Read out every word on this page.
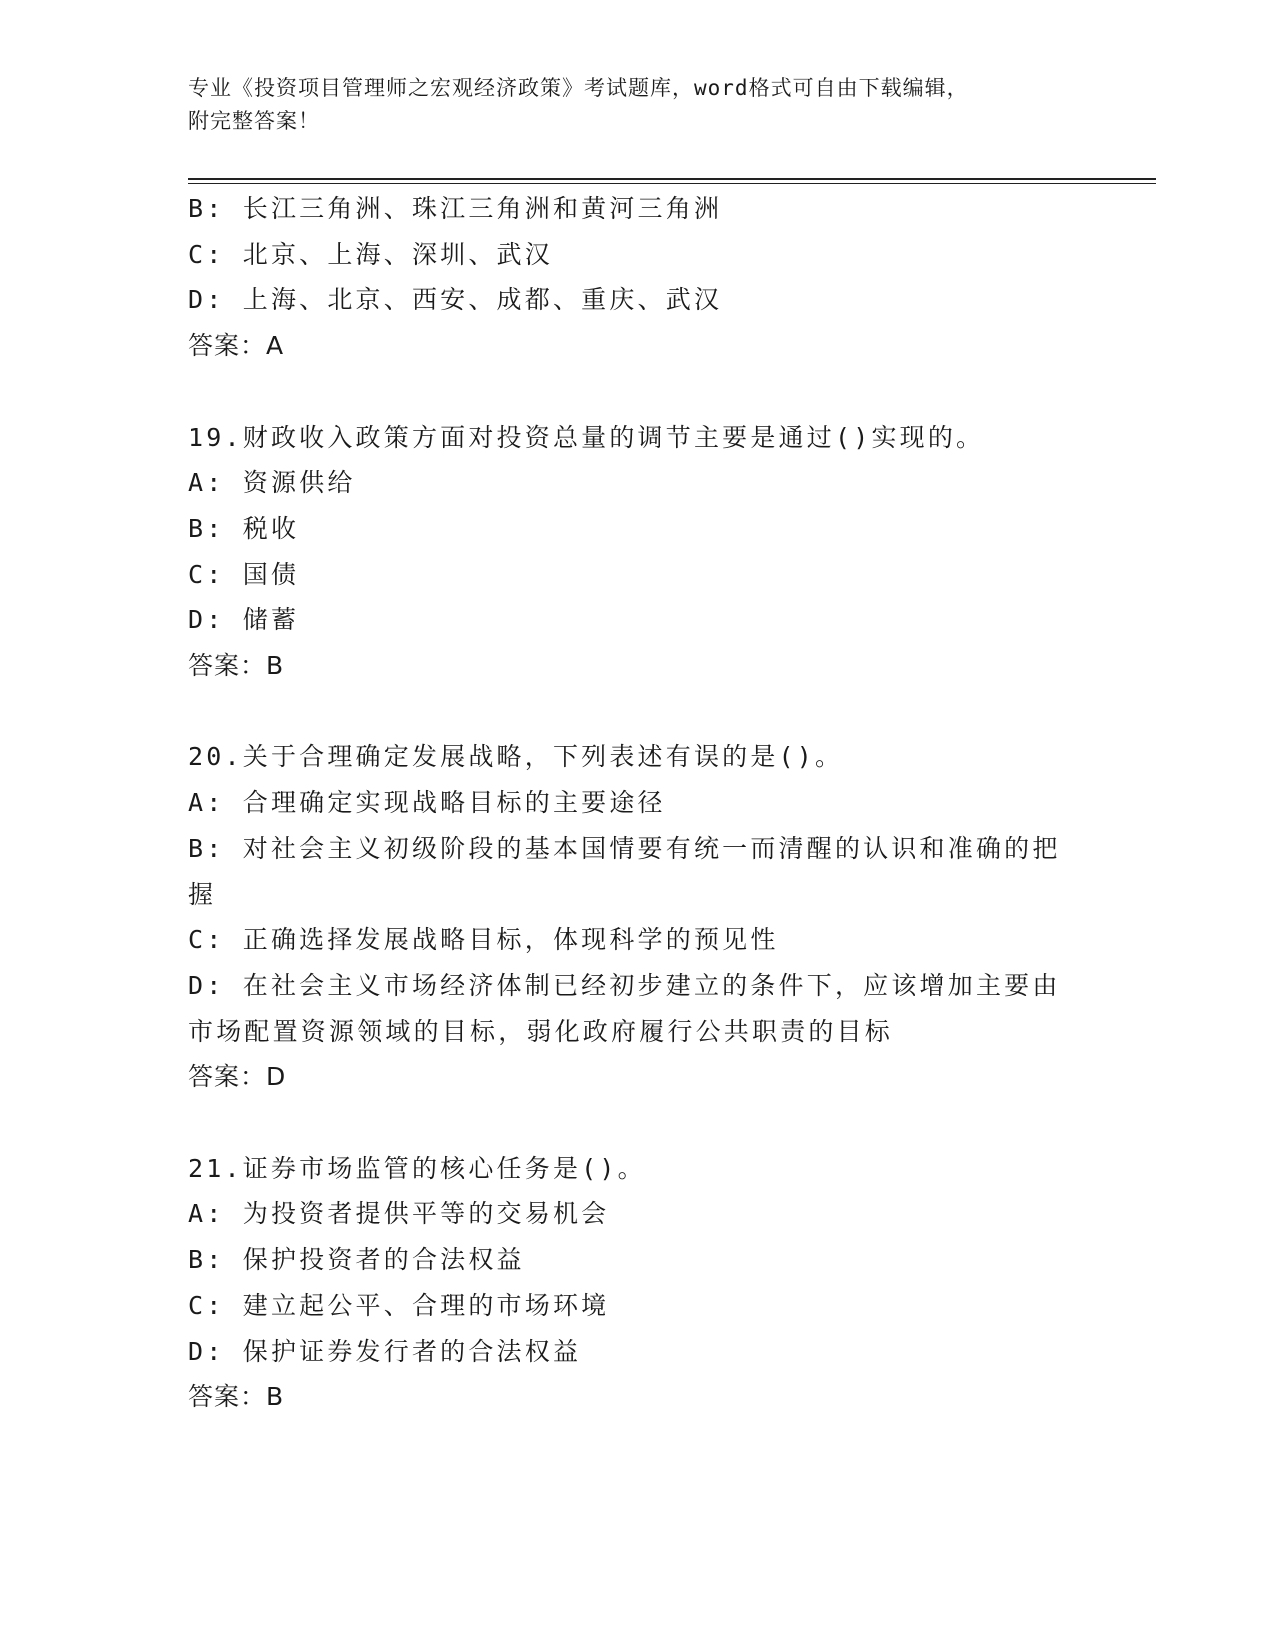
专业《投资项目管理师之宏观经济政策》考试题库，word格式可自由下载编辑，
附完整答案！
B: 长江三角洲、珠江三角洲和黄河三角洲
C: 北京、上海、深圳、武汉
D: 上海、北京、西安、成都、重庆、武汉
答案：A
19.财政收入政策方面对投资总量的调节主要是通过()实现的。
A: 资源供给
B: 税收
C: 国债
D: 储蓄
答案：B
20.关于合理确定发展战略，下列表述有误的是()。
A: 合理确定实现战略目标的主要途径
B: 对社会主义初级阶段的基本国情要有统一而清醒的认识和准确的把
握
C: 正确选择发展战略目标，体现科学的预见性
D: 在社会主义市场经济体制已经初步建立的条件下，应该增加主要由
市场配置资源领域的目标，弱化政府履行公共职责的目标
答案：D
21.证券市场监管的核心任务是()。
A: 为投资者提供平等的交易机会
B: 保护投资者的合法权益
C: 建立起公平、合理的市场环境
D: 保护证券发行者的合法权益
答案：B
